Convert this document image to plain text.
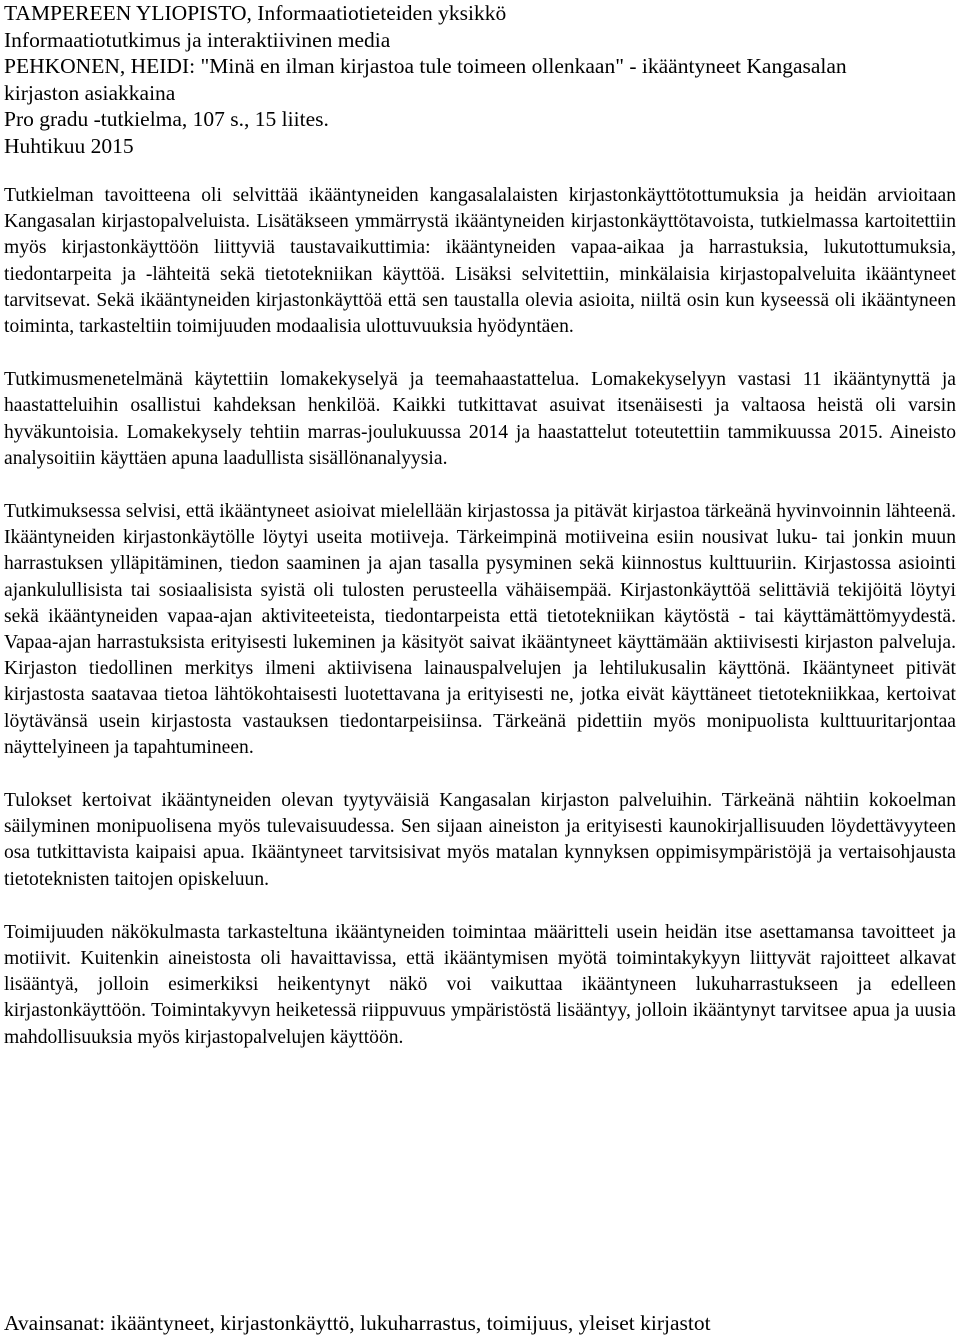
TAMPEREEN YLIOPISTO, Informaatiotieteiden yksikkö
Informaatiotutkimus ja interaktiivinen media
PEHKONEN, HEIDI: "Minä en ilman kirjastoa tule toimeen ollenkaan" - ikääntyneet Kangasalan
kirjaston asiakkaina
Pro gradu -tutkielma, 107 s., 15 liites.
Huhtikuu 2015

Tutkielman tavoitteena oli selvittää ikääntyneiden kangasalalaisten kirjastonkäyttötottumuksia ja heidän arvioitaan Kangasalan kirjastopalveluista. Lisätäkseen ymmärrystä ikääntyneiden kirjastonkäyttötavoista, tutkielmassa kartoitettiin myös kirjastonkäyttöön liittyviä taustavaikuttimia: ikääntyneiden vapaa-aikaa ja harrastuksia, lukutottumuksia, tiedontarpeita ja -lähteitä sekä tietotekniikan käyttöä. Lisäksi selvitettiin, minkälaisia kirjastopalveluita ikääntyneet tarvitsevat. Sekä ikääntyneiden kirjastonkäyttöä että sen taustalla olevia asioita, niiltä osin kun kyseessä oli ikääntyneen toiminta, tarkasteltiin toimijuuden modaalisia ulottuvuuksia hyödyntäen.

Tutkimusmenetelmänä käytettiin lomakekyselyä ja teemahaastattelua. Lomakekyselyyn vastasi 11 ikääntynyttä ja haastatteluihin osallistui kahdeksan henkilöä. Kaikki tutkittavat asuivat itsenäisesti ja valtaosa heistä oli varsin hyväkuntoisia. Lomakekysely tehtiin marras-joulukuussa 2014 ja haastattelut toteutettiin tammikuussa 2015. Aineisto analysoitiin käyttäen apuna laadullista sisällönanalyysia.

Tutkimuksessa selvisi, että ikääntyneet asioivat mielellään kirjastossa ja pitävät kirjastoa tärkeänä hyvinvoinnin lähteenä. Ikääntyneiden kirjastonkäytölle löytyi useita motiiveja. Tärkeimpinä motiiveina esiin nousivat luku- tai jonkin muun harrastuksen ylläpitäminen, tiedon saaminen ja ajan tasalla pysyminen sekä kiinnostus kulttuuriin. Kirjastossa asiointi ajankulullisista tai sosiaalisista syistä oli tulosten perusteella vähäisempää. Kirjastonkäyttöä selittäviä tekijöitä löytyi sekä ikääntyneiden vapaa-ajan aktiviteeteista, tiedontarpeista että tietotekniikan käytöstä - tai käyttämättömyydestä. Vapaa-ajan harrastuksista erityisesti lukeminen ja käsityöt saivat ikääntyneet käyttämään aktiivisesti kirjaston palveluja. Kirjaston tiedollinen merkitys ilmeni aktiivisena lainauspalvelujen ja lehtilukusalin käyttönä. Ikääntyneet pitivät kirjastosta saatavaa tietoa lähtökohtaisesti luotettavana ja erityisesti ne, jotka eivät käyttäneet tietotekniikkaa, kertoivat löytävänsä usein kirjastosta vastauksen tiedontarpeisiinsa. Tärkeänä pidettiin myös monipuolista kulttuuritarjontaa näyttelyineen ja tapahtumineen.

Tulokset kertoivat ikääntyneiden olevan tyytyväisiä Kangasalan kirjaston palveluihin. Tärkeänä nähtiin kokoelman säilyminen monipuolisena myös tulevaisuudessa. Sen sijaan aineiston ja erityisesti kaunokirjallisuuden löydettävyyteen osa tutkittavista kaipaisi apua. Ikääntyneet tarvitsisivat myös matalan kynnyksen oppimisympäristöjä ja vertaisohjausta tietoteknisten taitojen opiskeluun.

Toimijuuden näkökulmasta tarkasteltuna ikääntyneiden toimintaa määritteli usein heidän itse asettamansa tavoitteet ja motiivit. Kuitenkin aineistosta oli havaittavissa, että ikääntymisen myötä toimintakykyyn liittyvät rajoitteet alkavat lisääntyä, jolloin esimerkiksi heikentynyt näkö voi vaikuttaa ikääntyneen lukuharrastukseen ja edelleen kirjastonkäyttöön. Toimintakyvyn heiketessä riippuvuus ympäristöstä lisääntyy, jolloin ikääntynyt tarvitsee apua ja uusia mahdollisuuksia myös kirjastopalvelujen käyttöön.

Avainsanat: ikääntyneet, kirjastonkäyttö, lukuharrastus, toimijuus, yleiset kirjastot
